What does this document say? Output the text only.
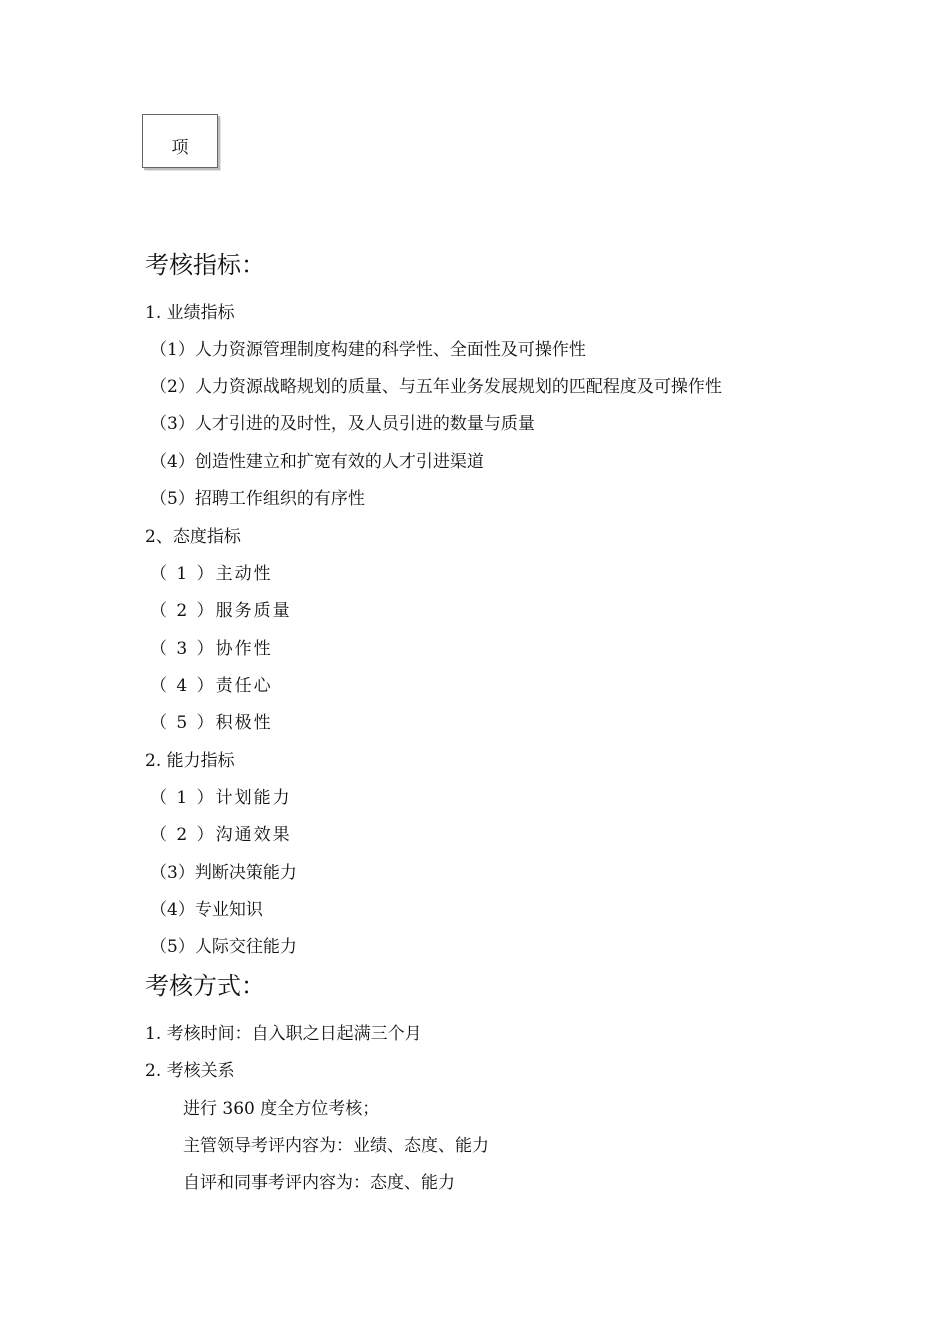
项
考核指标：
1. 业绩指标
（1）人力资源管理制度构建的科学性、全面性及可操作性
（2）人力资源战略规划的质量、与五年业务发展规划的匹配程度及可操作性
（3）人才引进的及时性，及人员引进的数量与质量
（4）创造性建立和扩宽有效的人才引进渠道
（5）招聘工作组织的有序性
2、态度指标
（ 1 ）主动性
（ 2 ）服务质量
（ 3 ）协作性
（ 4 ）责任心
（ 5 ）积极性
2. 能力指标
（ 1 ）计划能力
（ 2 ）沟通效果
（3）判断决策能力
（4）专业知识
（5）人际交往能力
考核方式：
1. 考核时间：自入职之日起满三个月
2. 考核关系
进行 360 度全方位考核；
主管领导考评内容为：业绩、态度、能力
自评和同事考评内容为：态度、能力
